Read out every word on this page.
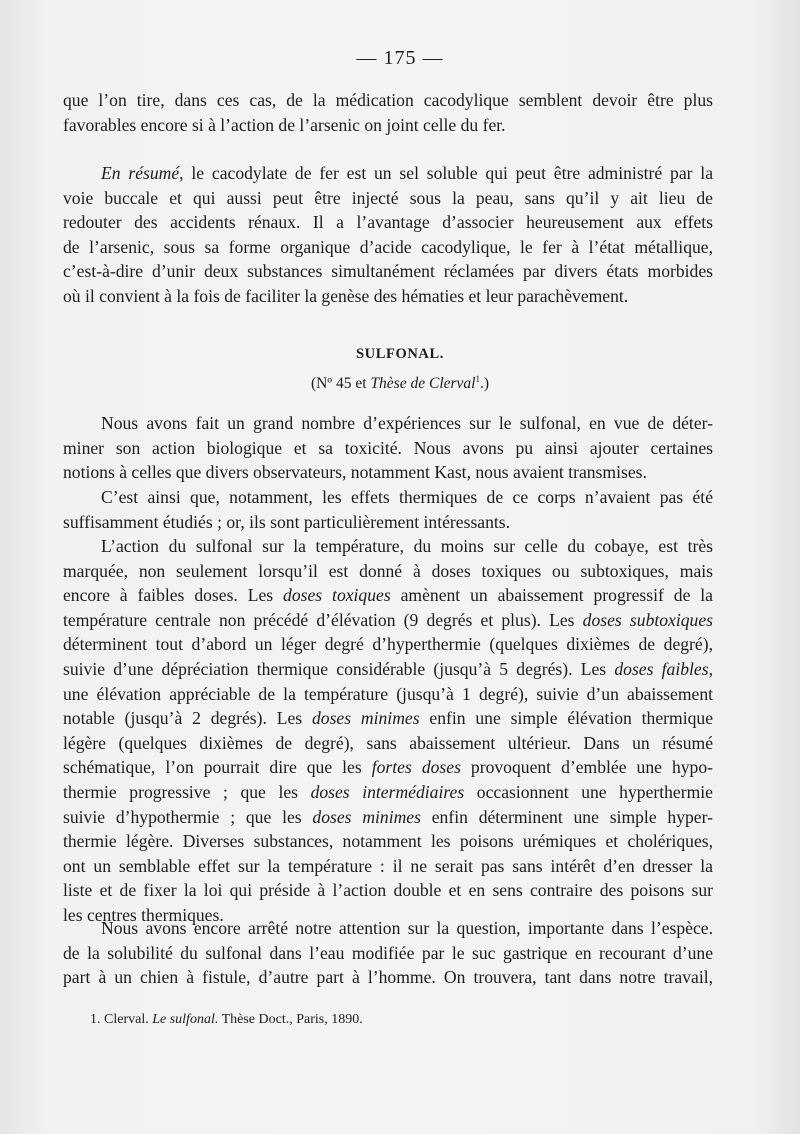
— 175 —
que l’on tire, dans ces cas, de la médication cacodylique semblent devoir être plus
favorables encore si à l’action de l’arsenic on joint celle du fer.
En résumé, le cacodylate de fer est un sel soluble qui peut être administré par la
voie buccale et qui aussi peut être injecté sous la peau, sans qu’il y ait lieu de
redouter des accidents rénaux. Il a l’avantage d’associer heureusement aux effets
de l’arsenic, sous sa forme organique d’acide cacodylique, le fer à l’état métallique,
c’est-à-dire d’unir deux substances simultanément réclamées par divers états morbides
où il convient à la fois de faciliter la genèse des hématies et leur parachèvement.
SULFONAL.
(Nº 45 et Thèse de Clerval$^1$.)
Nous avons fait un grand nombre d’expériences sur le sulfonal, en vue de déter-
miner son action biologique et sa toxicité. Nous avons pu ainsi ajouter certaines
notions à celles que divers observateurs, notamment Kast, nous avaient transmises.
C’est ainsi que, notamment, les effets thermiques de ce corps n’avaient pas été
suffisamment étudiés ; or, ils sont particulièrement intéressants.
L’action du sulfonal sur la température, du moins sur celle du cobaye, est très
marquée, non seulement lorsqu’il est donné à doses toxiques ou subtoxiques, mais
encore à faibles doses. Les doses toxiques amènent un abaissement progressif de la
température centrale non précédé d’élévation (9 degrés et plus). Les doses subtoxiques
déterminent tout d’abord un léger degré d’hyperthermie (quelques dixièmes de degré),
suivie d’une dépréciation thermique considérable (jusqu’à 5 degrés). Les doses faibles,
une élévation appréciable de la température (jusqu’à 1 degré), suivie d’un abaissement
notable (jusqu’à 2 degrés). Les doses minimes enfin une simple élévation thermique
légère (quelques dixièmes de degré), sans abaissement ultérieur. Dans un résumé
schématique, l’on pourrait dire que les fortes doses provoquent d’emblée une hypo-
thermie progressive ; que les doses intermédiaires occasionnent une hyperthermie
suivie d’hypothermie ; que les doses minimes enfin déterminent une simple hyper-
thermie légère. Diverses substances, notamment les poisons urémiques et cholériques,
ont un semblable effet sur la température : il ne serait pas sans intérêt d’en dresser la
liste et de fixer la loi qui préside à l’action double et en sens contraire des poisons sur
les centres thermiques.
Nous avons encore arrêté notre attention sur la question, importante dans l’espèce.
de la solubilité du sulfonal dans l’eau modifiée par le suc gastrique en recourant d’une
part à un chien à fistule, d’autre part à l’homme. On trouvera, tant dans notre travail,
1. Clerval. Le sulfonal. Thèse Doct., Paris, 1890.
